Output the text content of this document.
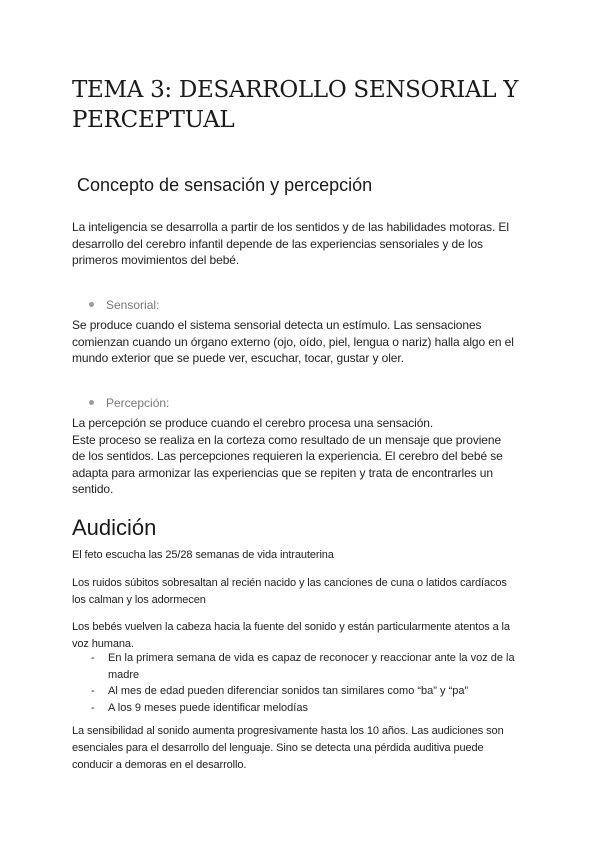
TEMA 3: DESARROLLO SENSORIAL Y
PERCEPTUAL
Concepto de sensación y percepción
La inteligencia se desarrolla a partir de los sentidos y de las habilidades motoras. El
desarrollo del cerebro infantil depende de las experiencias sensoriales y de los
primeros movimientos del bebé.
Sensorial:
Se produce cuando el sistema sensorial detecta un estímulo. Las sensaciones
comienzan cuando un órgano externo (ojo, oído, piel, lengua o nariz) halla algo en el
mundo exterior que se puede ver, escuchar, tocar, gustar y oler.
Percepción:
La percepción se produce cuando el cerebro procesa una sensación.
Este proceso se realiza en la corteza como resultado de un mensaje que proviene
de los sentidos. Las percepciones requieren la experiencia. El cerebro del bebé se
adapta para armonizar las experiencias que se repiten y trata de encontrarles un
sentido.
Audición
El feto escucha las 25/28 semanas de vida intrauterina
Los ruidos súbitos sobresaltan al recién nacido y las canciones de cuna o latidos cardíacos
los calman y los adormecen
Los bebés vuelven la cabeza hacia la fuente del sonido y están particularmente atentos a la
voz humana.
- En la primera semana de vida es capaz de reconocer y reaccionar ante la voz de la
madre
- Al mes de edad pueden diferenciar sonidos tan similares como “ba” y “pa”
- A los 9 meses puede identificar melodías
La sensibilidad al sonido aumenta progresivamente hasta los 10 años. Las audiciones son
esenciales para el desarrollo del lenguaje. Sino se detecta una pérdida auditiva puede
conducir a demoras en el desarrollo.
